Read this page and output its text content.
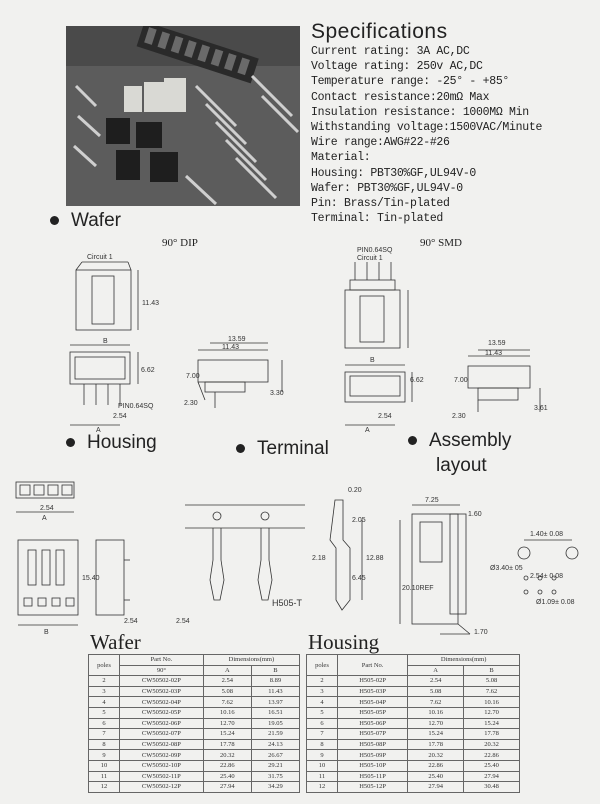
Specifications
Current rating: 3A AC,DC
Voltage rating: 250v AC,DC
Temperature range: -25° - +85°
Contact resistance:20mΩ Max
Insulation resistance: 1000MΩ Min
Withstanding voltage:1500VAC/Minute
Wire range:AWG#22-#26
Material:
Housing: PBT30%GF,UL94V-0
Wafer: PBT30%GF,UL94V-0
Pin: Brass/Tin-plated
Terminal: Tin-plated
Wafer
Housing	Terminal	Assembly
layout
90° DIP	90° SMD
Circuit 1
11.43
B
6.62
PIN0.64SQ
2.54
A
13.59
11.43
7.00
3.30
2.30
PIN0.64SQ
Circuit 1
B
6.62
2.54
A
13.59
11.43
7.00
2.30
3.61
2.54
A
15.40
B
2.54	2.54
0.20
2.05
12.88
2.18
6.45
7.25
1.60
20.10REF
1.70
1.40± 0.08
Ø3.40± 05
2.54± 0.08
Ø1.09± 0.08
H505-T
Wafer	Housing
poles	Part No.	Dimensions(mm)	
	90°	A	B
2	CW50502-02P	2.54	8.89
3	CW50502-03P	5.08	11.43
4	CW50502-04P	7.62	13.97
5	CW50502-05P	10.16	16.51
6	CW50502-06P	12.70	19.05
7	CW50502-07P	15.24	21.59
8	CW50502-08P	17.78	24.13
9	CW50502-09P	20.32	26.67
10	CW50502-10P	22.86	29.21
11	CW50502-11P	25.40	31.75
12	CW50502-12P	27.94	34.29
poles	Part No.	Dimensions(mm)	
		A	B
2	H505-02P	2.54	5.08
3	H505-03P	5.08	7.62
4	H505-04P	7.62	10.16
5	H505-05P	10.16	12.70
6	H505-06P	12.70	15.24
7	H505-07P	15.24	17.78
8	H505-08P	17.78	20.32
9	H505-09P	20.32	22.86
10	H505-10P	22.86	25.40
11	H505-11P	25.40	27.94
12	H505-12P	27.94	30.48
